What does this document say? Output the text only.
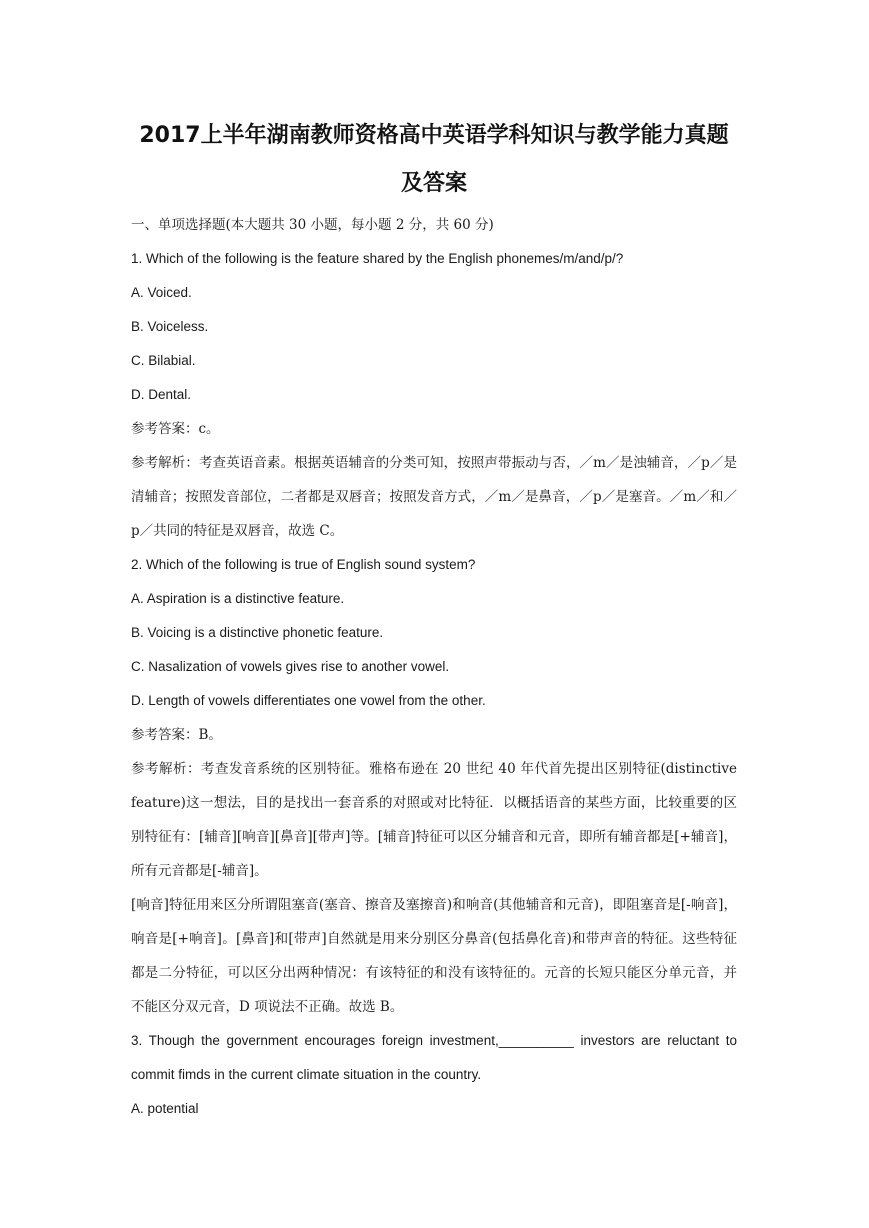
2017上半年湖南教师资格高中英语学科知识与教学能力真题及答案
一、单项选择题(本大题共 30 小题，每小题 2 分，共 60 分)
1. Which of the following is the feature shared by the English phonemes/m/and/p/?
A. Voiced.
B. Voiceless.
C. Bilabial.
D. Dental.
参考答案：c。
参考解析：考查英语音素。根据英语辅音的分类可知，按照声带振动与否，／m／是浊辅音，／p／是清辅音；按照发音部位，二者都是双唇音；按照发音方式，／m／是鼻音，／p／是塞音。／m／和／p／共同的特征是双唇音，故选 C。
2. Which of the following is true of English sound system?
A. Aspiration is a distinctive feature.
B. Voicing is a distinctive phonetic feature.
C. Nasalization of vowels gives rise to another vowel.
D. Length of vowels differentiates one vowel from the other.
参考答案：B。
参考解析：考查发音系统的区别特征。雅格布逊在 20 世纪 40 年代首先提出区别特征(distinctive feature)这一想法，目的是找出一套音系的对照或对比特征．以概括语音的某些方面，比较重要的区别特征有：[辅音][响音][鼻音][带声]等。[辅音]特征可以区分辅音和元音，即所有辅音都是[+辅音]，所有元音都是[-辅音]。
[响音]特征用来区分所谓阻塞音(塞音、擦音及塞擦音)和响音(其他辅音和元音)，即阻塞音是[-响音]，响音是[+响音]。[鼻音]和[带声]自然就是用来分别区分鼻音(包括鼻化音)和带声音的特征。这些特征都是二分特征，可以区分出两种情况：有该特征的和没有该特征的。元音的长短只能区分单元音，并不能区分双元音，D 项说法不正确。故选 B。
3. Though the government encourages foreign investment,__________ investors are reluctant to commit fimds in the current climate situation in the country.
A. potential
